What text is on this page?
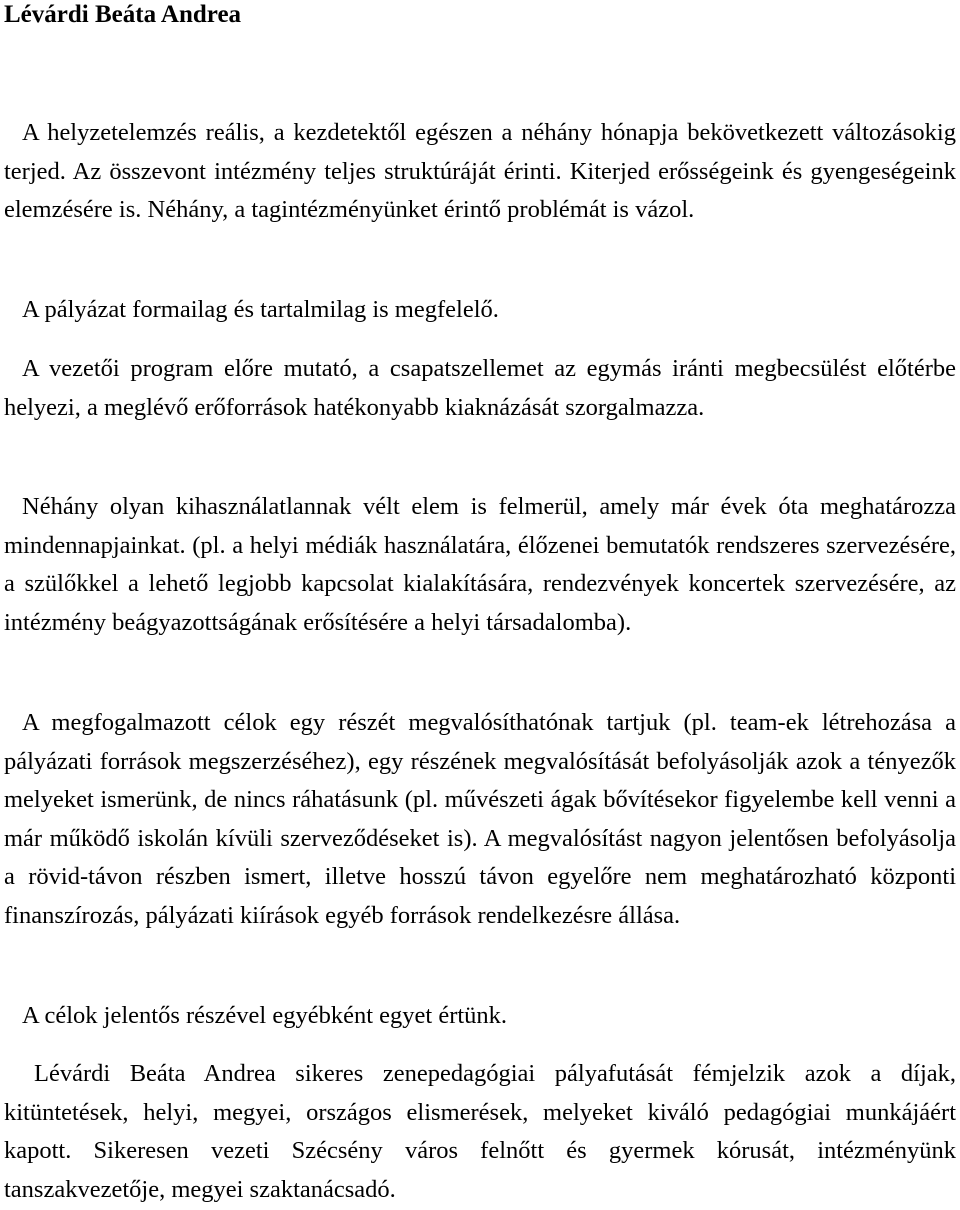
Lévárdi Beáta Andrea

A helyzetelemzés reális, a kezdetektől egészen a néhány hónapja bekövetkezett változásokig terjed. Az összevont intézmény teljes struktúráját érinti. Kiterjed erősségeink és gyengeségeink elemzésére is. Néhány, a tagintézményünket érintő problémát is vázol.

A pályázat formailag és tartalmilag is megfelelő.

A vezetői program előre mutató, a csapatszellemet az egymás iránti megbecsülést előtérbe helyezi, a meglévő erőforrások hatékonyabb kiaknázását szorgalmazza.

Néhány olyan kihasználatlannak vélt elem is felmerül, amely már évek óta meghatározza mindennapjainkat. (pl. a helyi médiák használatára, élőzenei bemutatók rendszeres szervezésére, a szülőkkel a lehető legjobb kapcsolat kialakítására, rendezvények koncertek szervezésére, az intézmény beágyazottságának erősítésére a helyi társadalomba).

A megfogalmazott célok egy részét megvalósíthatónak tartjuk (pl. team-ek létrehozása a pályázati források megszerzéséhez), egy részének megvalósítását befolyásolják azok a tényezők melyeket ismerünk, de nincs ráhatásunk (pl. művészeti ágak bővítésekor figyelembe kell venni a már működő iskolán kívüli szerveződéseket is). A megvalósítást nagyon jelentősen befolyásolja a rövid-távon részben ismert, illetve hosszú távon egyelőre nem meghatározható központi finanszírozás, pályázati kiírások egyéb források rendelkezésre állása.

A célok jelentős részével egyébként egyet értünk.

Lévárdi Beáta Andrea sikeres zenepedagógiai pályafutását fémjelzik azok a díjak, kitüntetések, helyi, megyei, országos elismerések, melyeket kiváló pedagógiai munkájáért kapott. Sikeresen vezeti Szécsény város felnőtt és gyermek kórusát, intézményünk tanszakvezetője, megyei szaktanácsadó.
